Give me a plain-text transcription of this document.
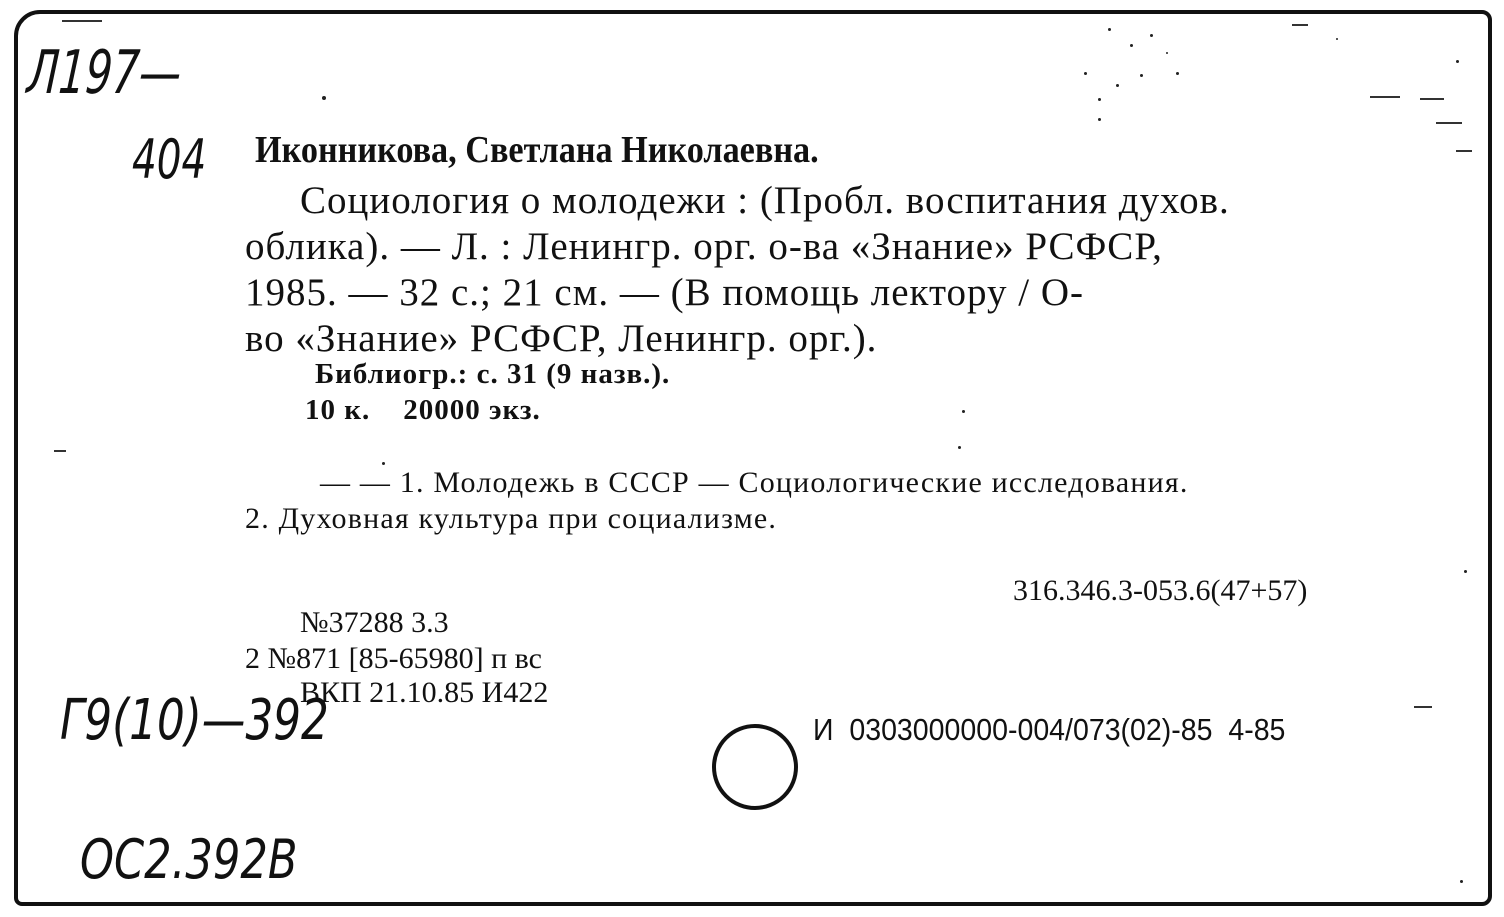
Л197—
404 Иконникова, Светлана Николаевна.
Социология о молодежи : (Пробл. воспитания духов.
облика). — Л. : Ленингр. орг. о-ва «Знание» РСФСР,
1985. — 32 с.; 21 см. — (В помощь лектору / О-
во «Знание» РСФСР, Ленингр. орг.).
Библиогр.: с. 31 (9 назв.).
10 к.    20000 экз.
— — 1. Молодежь в СССР — Социологические исследования.
2. Духовная культура при социализме.
316.346.3-053.6(47+57)
№37288 3.3
2 №871 [85-65980] п вс
ВКП 21.10.85 И422
Г9(10)—392	И  0303000000-004/073(02)-85  4-85
ОС2.392В
